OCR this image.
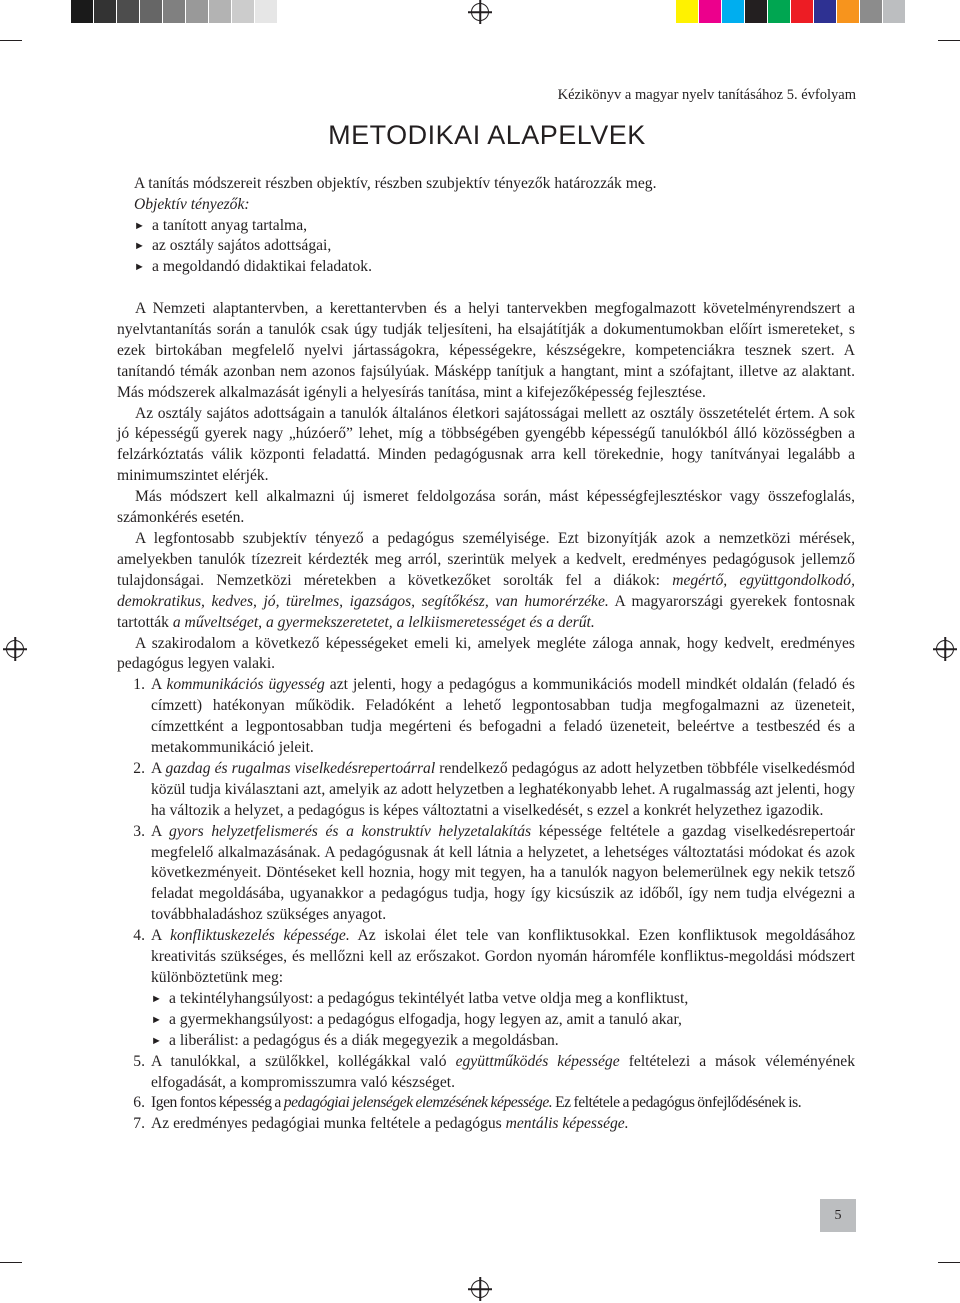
Kézikönyv a magyar nyelv tanításához 5. évfolyam
METODIKAI ALAPELVEK

A tanítás módszereit részben objektív, részben szubjektív tényezők határozzák meg.

Objektív tényezők:

► a tanított anyag tartalma,
► az osztály sajátos adottságai,
► a megoldandó didaktikai feladatok.

A Nemzeti alaptantervben, a kerettantervben és a helyi tantervekben megfogalmazott követelményrendszert a nyelvtantanítás során a tanulók csak úgy tudják teljesíteni, ha elsajátítják a dokumentumokban előírt ismereteket, s ezek birtokában megfelelő nyelvi jártasságokra, képességekre, készségekre, kompetenciákra tesznek szert. A tanítandó témák azonban nem azonos fajsúlyúak. Másképp tanítjuk a hangtant, mint a szófajtant, illetve az alaktant. Más módszerek alkalmazását igényli a helyesírás tanítása, mint a kifejezőképesség fejlesztése.

Az osztály sajátos adottságain a tanulók általános életkori sajátosságai mellett az osztály összetételét értem. A sok jó képességű gyerek nagy „húzóerő” lehet, míg a többségében gyengébb képességű tanulókból álló közösségben a felzárkóztatás válik központi feladattá. Minden pedagógusnak arra kell törekednie, hogy tanítványai legalább a minimumszintet elérjék.

Más módszert kell alkalmazni új ismeret feldolgozása során, mást képességfejlesztéskor vagy összefoglalás, számonkérés esetén.

A legfontosabb szubjektív tényező a pedagógus személyisége. Ezt bizonyítják azok a nemzetközi mérések, amelyekben tanulók tízezreit kérdezték meg arról, szerintük melyek a kedvelt, eredményes pedagógusok jellemző tulajdonságai. Nemzetközi méretekben a következőket sorolták fel a diákok: megértő, együttgondolkodó, demokratikus, kedves, jó, türelmes, igazságos, segítőkész, van humorérzéke. A magyarországi gyerekek fontosnak tartották a műveltséget, a gyermekszeretetet, a lelkiismeretességet és a derűt.

A szakirodalom a következő képességeket emeli ki, amelyek megléte záloga annak, hogy kedvelt, eredményes pedagógus legyen valaki.

1. A kommunikációs ügyesség azt jelenti, hogy a pedagógus a kommunikációs modell mindkét oldalán (feladó és címzett) hatékonyan működik. Feladóként a lehető legpontosabban tudja megfogalmazni az üzeneteit, címzettként a legpontosabban tudja megérteni és befogadni a feladó üzeneteit, beleértve a testbeszéd és a metakommunikáció jeleit.
2. A gazdag és rugalmas viselkedésrepertoárral rendelkező pedagógus az adott helyzetben többféle viselkedésmód közül tudja kiválasztani azt, amelyik az adott helyzetben a leghatékonyabb lehet. A rugalmasság azt jelenti, hogy ha változik a helyzet, a pedagógus is képes változtatni a viselkedését, s ezzel a konkrét helyzethez igazodik.
3. A gyors helyzetfelismerés és a konstruktív helyzetalakítás képessége feltétele a gazdag viselkedésrepertoár megfelelő alkalmazásának. A pedagógusnak át kell látnia a helyzetet, a lehetséges változtatási módokat és azok következményeit. Döntéseket kell hoznia, hogy mit tegyen, ha a tanulók nagyon belemerülnek egy nekik tetsző feladat megoldásába, ugyanakkor a pedagógus tudja, hogy így kicsúszik az időből, így nem tudja elvégezni a továbbhaladáshoz szükséges anyagot.
4. A konfliktuskezelés képessége. Az iskolai élet tele van konfliktusokkal. Ezen konfliktusok megoldásához kreativitás szükséges, és mellőzni kell az erőszakot. Gordon nyomán háromféle konfliktus-megoldási módszert különböztetünk meg:
► a tekintélyhangsúlyost: a pedagógus tekintélyét latba vetve oldja meg a konfliktust,
► a gyermekhangsúlyost: a pedagógus elfogadja, hogy legyen az, amit a tanuló akar,
► a liberálist: a pedagógus és a diák megegyezik a megoldásban.
5. A tanulókkal, a szülőkkel, kollégákkal való együttműködés képessége feltételezi a mások véleményének elfogadását, a kompromisszumra való készséget.
6. Igen fontos képesség a pedagógiai jelenségek elemzésének képessége. Ez feltétele a pedagógus önfejlődésének is.
7. Az eredményes pedagógiai munka feltétele a pedagógus mentális képessége.
5
